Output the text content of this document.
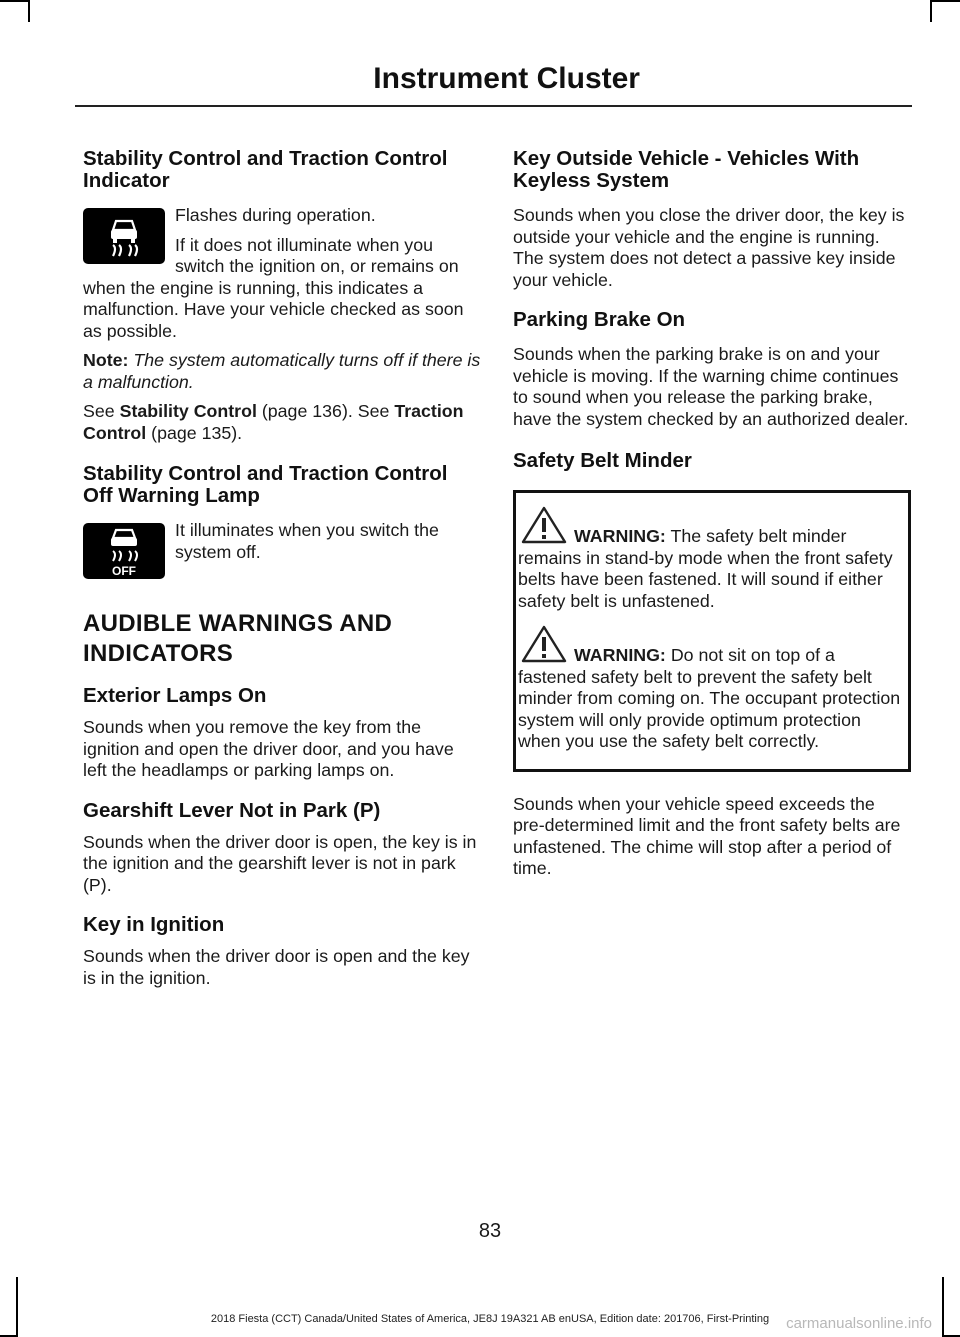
Instrument Cluster
Stability Control and Traction Control Indicator

Flashes during operation.

If it does not illuminate when you switch the ignition on, or remains on when the engine is running, this indicates a malfunction. Have your vehicle checked as soon as possible.

Note: The system automatically turns off if there is a malfunction.

See Stability Control (page 136). See Traction Control (page 135).

Stability Control and Traction Control Off Warning Lamp
OFF

It illuminates when you switch the system off.

AUDIBLE WARNINGS AND
INDICATORS
Exterior Lamps On

Sounds when you remove the key from the ignition and open the driver door, and you have left the headlamps or parking lamps on.

Gearshift Lever Not in Park (P)

Sounds when the driver door is open, the key is in the ignition and the gearshift lever is not in park (P).

Key in Ignition

Sounds when the driver door is open and the key is in the ignition.

Key Outside Vehicle - Vehicles With Keyless System

Sounds when you close the driver door, the key is outside your vehicle and the engine is running. The system does not detect a passive key inside your vehicle.

Parking Brake On

Sounds when the parking brake is on and your vehicle is moving. If the warning chime continues to sound when you release the parking brake, have the system checked by an authorized dealer.

Safety Belt Minder

WARNING: The safety belt minder remains in stand-by mode when the front safety belts have been fastened. It will sound if either safety belt is unfastened.

WARNING: Do not sit on top of a fastened safety belt to prevent the safety belt minder from coming on. The occupant protection system will only provide optimum protection when you use the safety belt correctly.

Sounds when your vehicle speed exceeds the pre-determined limit and the front safety belts are unfastened. The chime will stop after a period of time.

83
2018 Fiesta (CCT) Canada/United States of America, JE8J 19A321 AB enUSA, Edition date: 201706, First-Printing	carmanualsonline.info
